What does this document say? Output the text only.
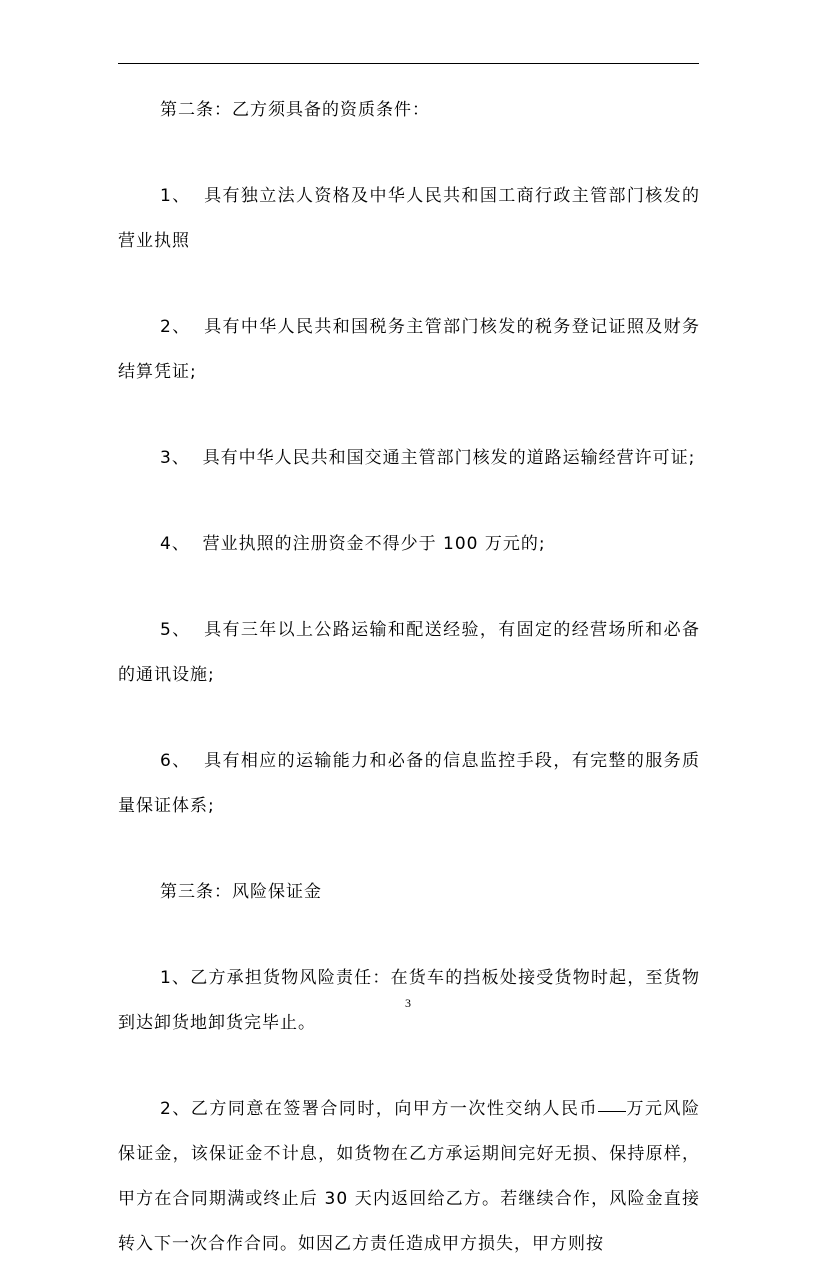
第二条：乙方须具备的资质条件：

1、  具有独立法人资格及中华人民共和国工商行政主管部门核发的营业执照

2、  具有中华人民共和国税务主管部门核发的税务登记证照及财务结算凭证;

3、  具有中华人民共和国交通主管部门核发的道路运输经营许可证;

4、  营业执照的注册资金不得少于 100 万元的;

5、  具有三年以上公路运输和配送经验，有固定的经营场所和必备的通讯设施;

6、  具有相应的运输能力和必备的信息监控手段，有完整的服务质量保证体系;

第三条：风险保证金

1、乙方承担货物风险责任：在货车的挡板处接受货物时起，至货物到达卸货地卸货完毕止。

2、乙方同意在签署合同时，向甲方一次性交纳人民币 万元风险保证金，该保证金不计息，如货物在乙方承运期间完好无损、保持原样，甲方在合同期满或终止后 30 天内返回给乙方。若继续合作，风险金直接转入下一次合作合同。如因乙方责任造成甲方损失，甲方则按

3
